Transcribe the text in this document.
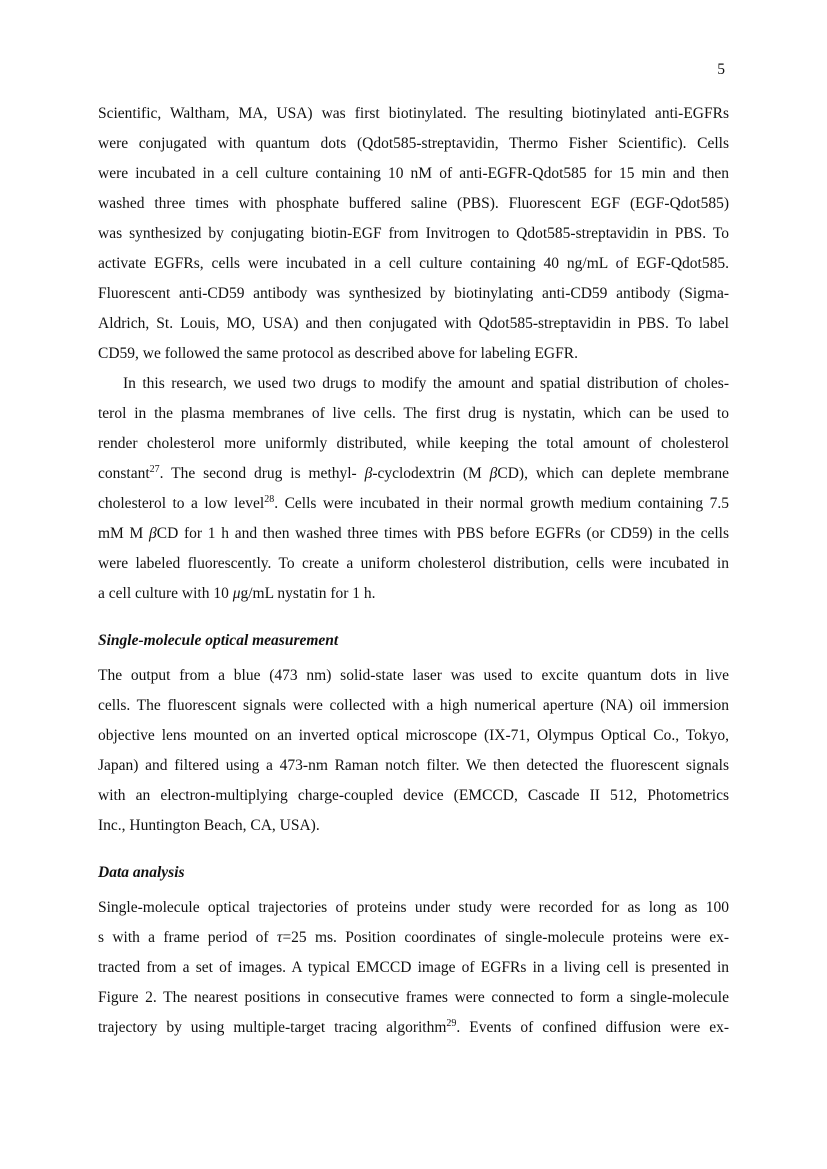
5
Scientific, Waltham, MA, USA) was first biotinylated. The resulting biotinylated anti-EGFRs
were conjugated with quantum dots (Qdot585-streptavidin, Thermo Fisher Scientific). Cells
were incubated in a cell culture containing 10 nM of anti-EGFR-Qdot585 for 15 min and then
washed three times with phosphate buffered saline (PBS). Fluorescent EGF (EGF-Qdot585)
was synthesized by conjugating biotin-EGF from Invitrogen to Qdot585-streptavidin in PBS. To
activate EGFRs, cells were incubated in a cell culture containing 40 ng/mL of EGF-Qdot585.
Fluorescent anti-CD59 antibody was synthesized by biotinylating anti-CD59 antibody (Sigma-
Aldrich, St. Louis, MO, USA) and then conjugated with Qdot585-streptavidin in PBS. To label
CD59, we followed the same protocol as described above for labeling EGFR.
In this research, we used two drugs to modify the amount and spatial distribution of choles-
terol in the plasma membranes of live cells. The first drug is nystatin, which can be used to
render cholesterol more uniformly distributed, while keeping the total amount of cholesterol
constant$^{27}$. The second drug is methyl- β-cyclodextrin (M βCD), which can deplete membrane
cholesterol to a low level$^{28}$. Cells were incubated in their normal growth medium containing 7.5
mM M βCD for 1 h and then washed three times with PBS before EGFRs (or CD59) in the cells
were labeled fluorescently. To create a uniform cholesterol distribution, cells were incubated in
a cell culture with 10 μg/mL nystatin for 1 h.
Single-molecule optical measurement
The output from a blue (473 nm) solid-state laser was used to excite quantum dots in live
cells. The fluorescent signals were collected with a high numerical aperture (NA) oil immersion
objective lens mounted on an inverted optical microscope (IX-71, Olympus Optical Co., Tokyo,
Japan) and filtered using a 473-nm Raman notch filter. We then detected the fluorescent signals
with an electron-multiplying charge-coupled device (EMCCD, Cascade II 512, Photometrics
Inc., Huntington Beach, CA, USA).
Data analysis
Single-molecule optical trajectories of proteins under study were recorded for as long as 100
s with a frame period of τ=25 ms. Position coordinates of single-molecule proteins were ex-
tracted from a set of images. A typical EMCCD image of EGFRs in a living cell is presented in
Figure 2. The nearest positions in consecutive frames were connected to form a single-molecule
trajectory by using multiple-target tracing algorithm$^{29}$. Events of confined diffusion were ex-
